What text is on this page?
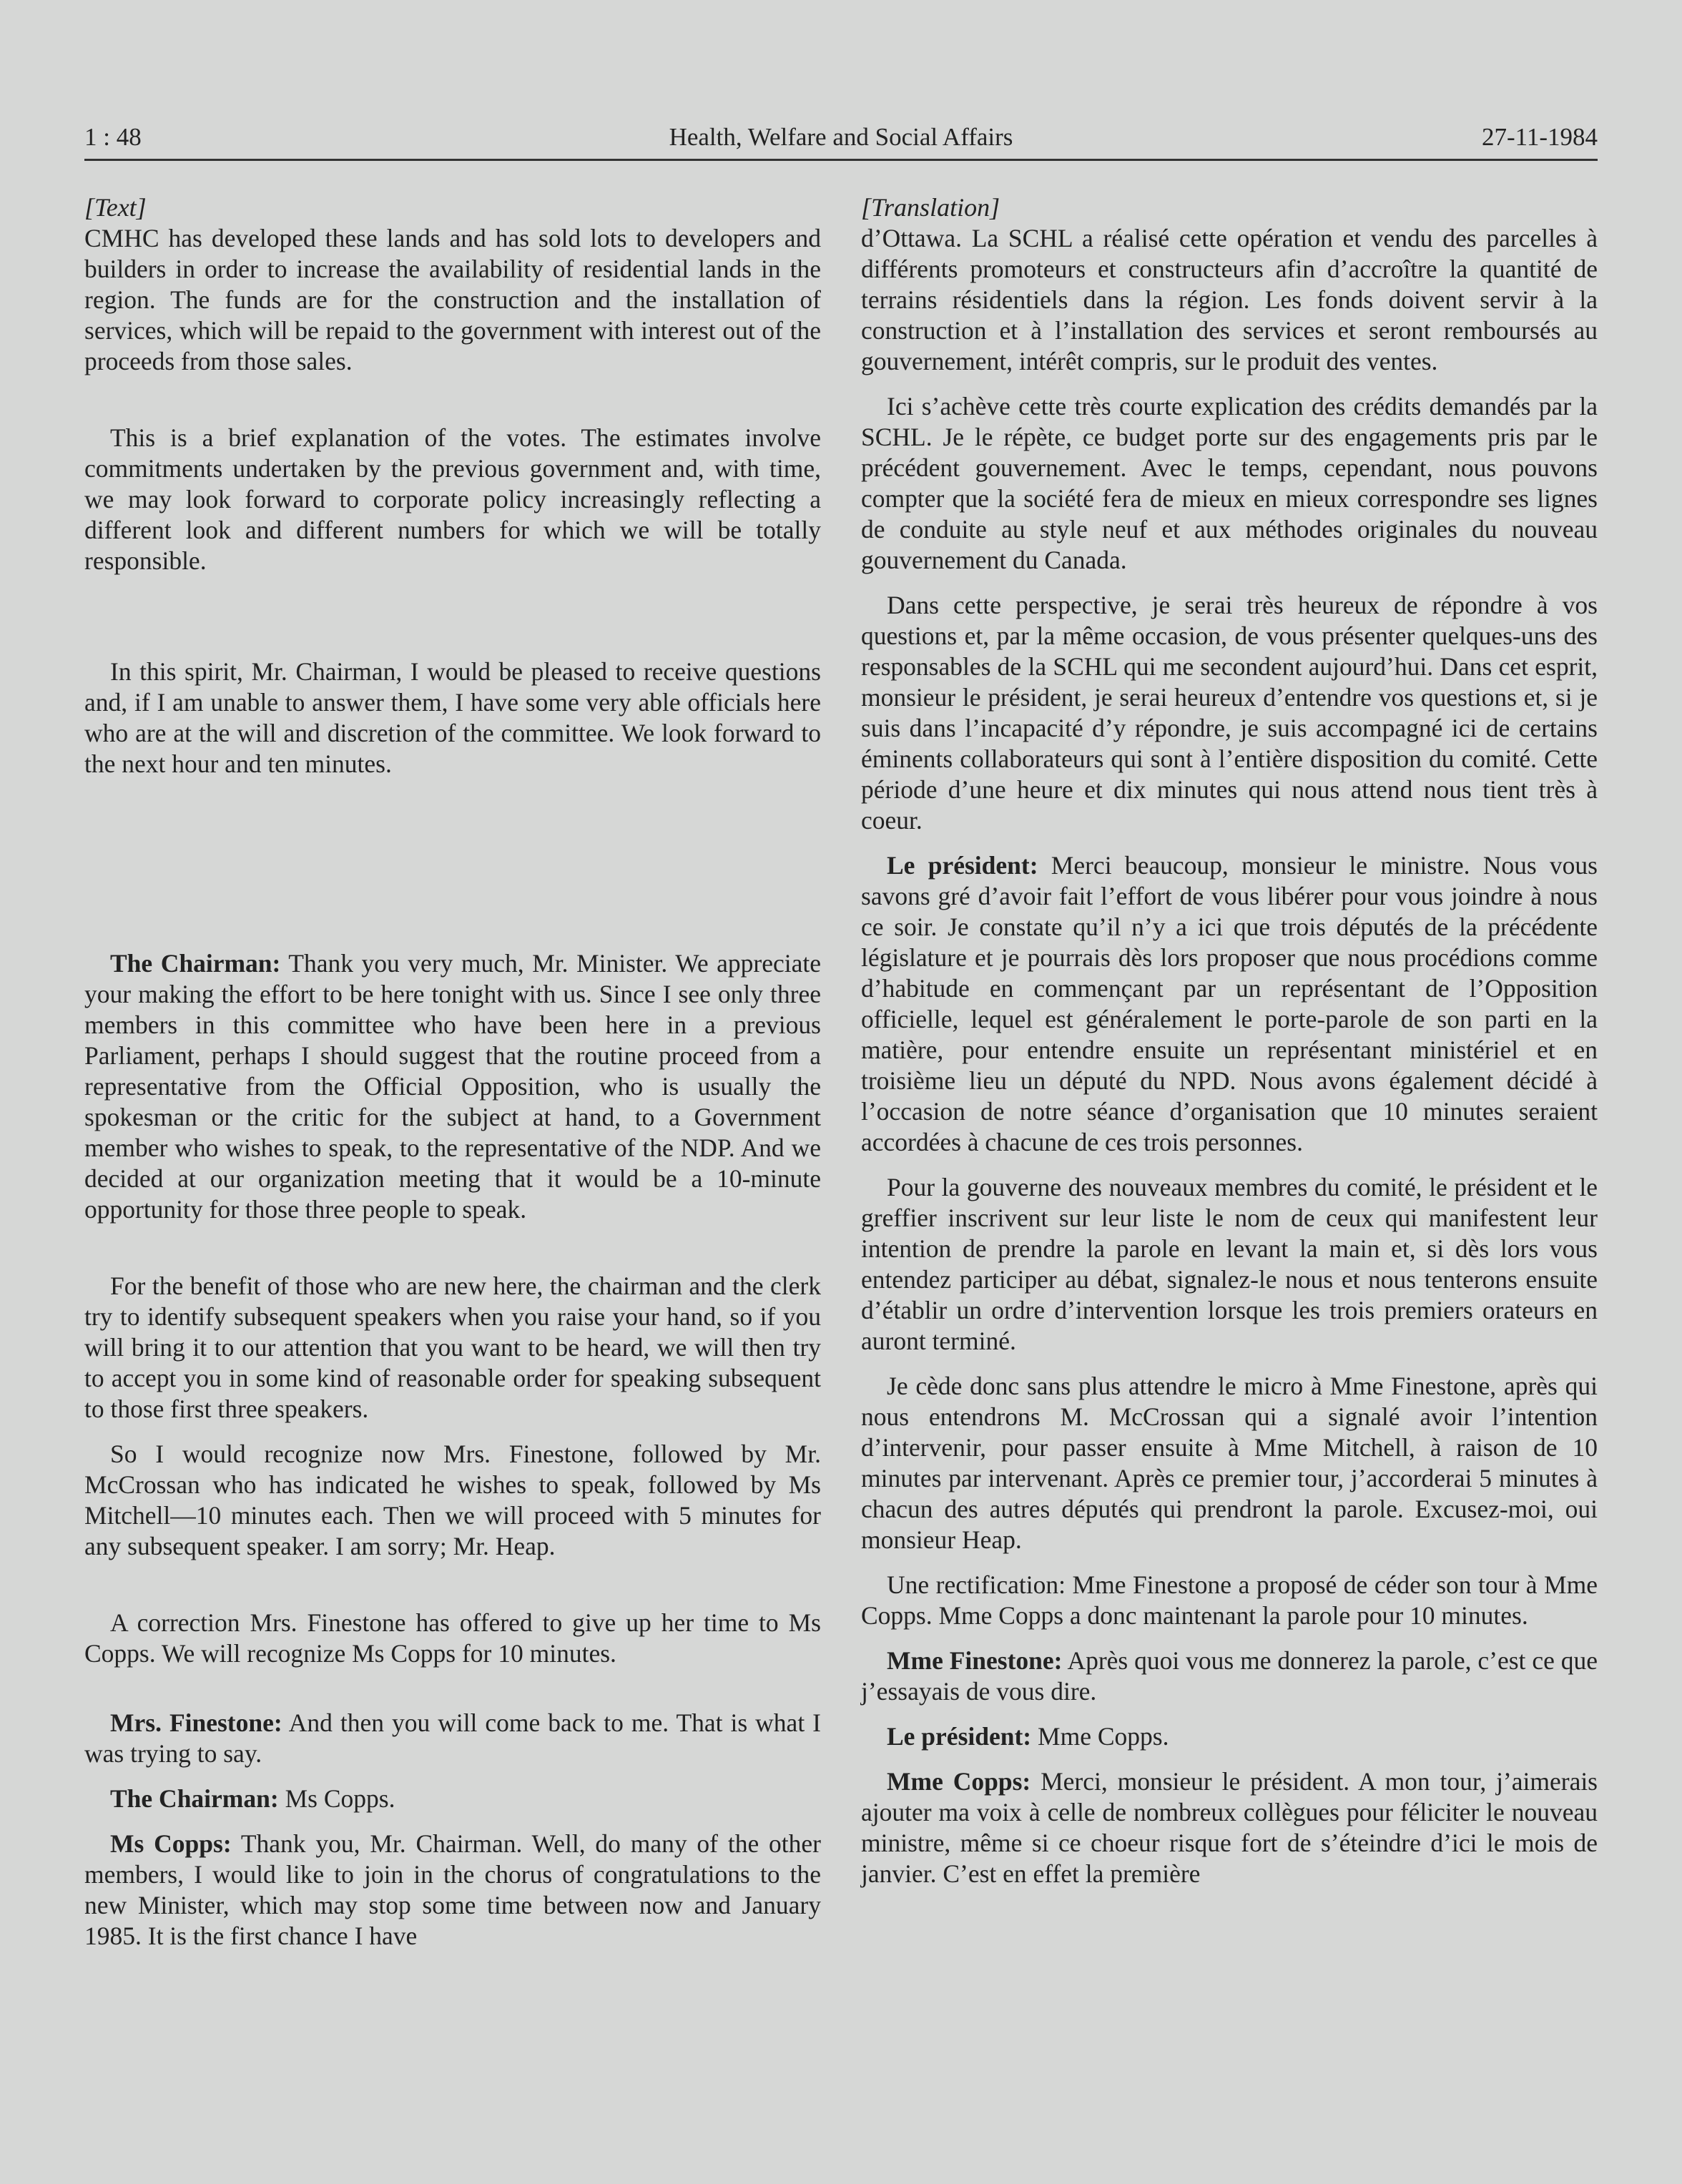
1 : 48	Health, Welfare and Social Affairs	27-11-1984
[Text]

CMHC has developed these lands and has sold lots to developers and builders in order to increase the availability of residential lands in the region. The funds are for the construction and the installation of services, which will be repaid to the government with interest out of the proceeds from those sales.

This is a brief explanation of the votes. The estimates involve commitments undertaken by the previous government and, with time, we may look forward to corporate policy increasingly reflecting a different look and different numbers for which we will be totally responsible.

In this spirit, Mr. Chairman, I would be pleased to receive questions and, if I am unable to answer them, I have some very able officials here who are at the will and discretion of the committee. We look forward to the next hour and ten minutes.

The Chairman: Thank you very much, Mr. Minister. We appreciate your making the effort to be here tonight with us. Since I see only three members in this committee who have been here in a previous Parliament, perhaps I should suggest that the routine proceed from a representative from the Official Opposition, who is usually the spokesman or the critic for the subject at hand, to a Government member who wishes to speak, to the representative of the NDP. And we decided at our organization meeting that it would be a 10-minute opportunity for those three people to speak.

For the benefit of those who are new here, the chairman and the clerk try to identify subsequent speakers when you raise your hand, so if you will bring it to our attention that you want to be heard, we will then try to accept you in some kind of reasonable order for speaking subsequent to those first three speakers.

So I would recognize now Mrs. Finestone, followed by Mr. McCrossan who has indicated he wishes to speak, followed by Ms Mitchell—10 minutes each. Then we will proceed with 5 minutes for any subsequent speaker. I am sorry; Mr. Heap.

A correction Mrs. Finestone has offered to give up her time to Ms Copps. We will recognize Ms Copps for 10 minutes.

Mrs. Finestone: And then you will come back to me. That is what I was trying to say.

The Chairman: Ms Copps.

Ms Copps: Thank you, Mr. Chairman. Well, do many of the other members, I would like to join in the chorus of congratulations to the new Minister, which may stop some time between now and January 1985. It is the first chance I have

[Translation]

d’Ottawa. La SCHL a réalisé cette opération et vendu des parcelles à différents promoteurs et constructeurs afin d’accroître la quantité de terrains résidentiels dans la région. Les fonds doivent servir à la construction et à l’installation des services et seront remboursés au gouvernement, intérêt compris, sur le produit des ventes.

Ici s’achève cette très courte explication des crédits demandés par la SCHL. Je le répète, ce budget porte sur des engagements pris par le précédent gouvernement. Avec le temps, cependant, nous pouvons compter que la société fera de mieux en mieux correspondre ses lignes de conduite au style neuf et aux méthodes originales du nouveau gouvernement du Canada.

Dans cette perspective, je serai très heureux de répondre à vos questions et, par la même occasion, de vous présenter quelques-uns des responsables de la SCHL qui me secondent aujourd’hui. Dans cet esprit, monsieur le président, je serai heureux d’entendre vos questions et, si je suis dans l’incapacité d’y répondre, je suis accompagné ici de certains éminents collaborateurs qui sont à l’entière disposition du comité. Cette période d’une heure et dix minutes qui nous attend nous tient très à coeur.

Le président: Merci beaucoup, monsieur le ministre. Nous vous savons gré d’avoir fait l’effort de vous libérer pour vous joindre à nous ce soir. Je constate qu’il n’y a ici que trois députés de la précédente législature et je pourrais dès lors proposer que nous procédions comme d’habitude en commençant par un représentant de l’Opposition officielle, lequel est généralement le porte-parole de son parti en la matière, pour entendre ensuite un représentant ministériel et en troisième lieu un député du NPD. Nous avons également décidé à l’occasion de notre séance d’organisation que 10 minutes seraient accordées à chacune de ces trois personnes.

Pour la gouverne des nouveaux membres du comité, le président et le greffier inscrivent sur leur liste le nom de ceux qui manifestent leur intention de prendre la parole en levant la main et, si dès lors vous entendez participer au débat, signalez-le nous et nous tenterons ensuite d’établir un ordre d’intervention lorsque les trois premiers orateurs en auront terminé.

Je cède donc sans plus attendre le micro à Mme Finestone, après qui nous entendrons M. McCrossan qui a signalé avoir l’intention d’intervenir, pour passer ensuite à Mme Mitchell, à raison de 10 minutes par intervenant. Après ce premier tour, j’accorderai 5 minutes à chacun des autres députés qui prendront la parole. Excusez-moi, oui monsieur Heap.

Une rectification: Mme Finestone a proposé de céder son tour à Mme Copps. Mme Copps a donc maintenant la parole pour 10 minutes.

Mme Finestone: Après quoi vous me donnerez la parole, c’est ce que j’essayais de vous dire.

Le président: Mme Copps.

Mme Copps: Merci, monsieur le président. A mon tour, j’aimerais ajouter ma voix à celle de nombreux collègues pour féliciter le nouveau ministre, même si ce choeur risque fort de s’éteindre d’ici le mois de janvier. C’est en effet la première
